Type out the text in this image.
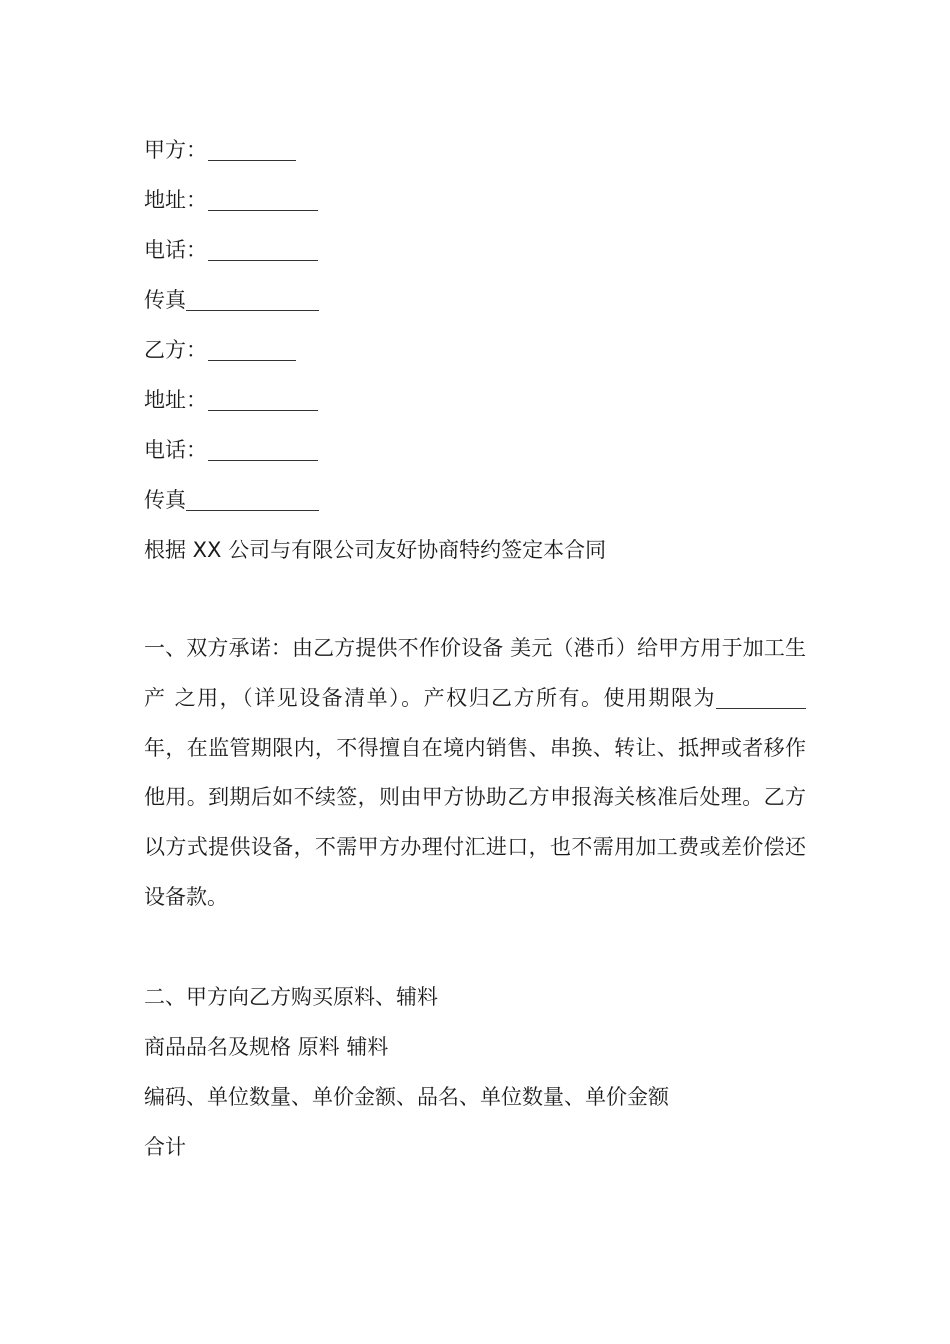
甲方：
地址：
电话：
传真
乙方：
地址：
电话：
传真
根据 XX 公司与有限公司友好协商特约签定本合同
一、双方承诺：由乙方提供不作价设备 美元（港币）给甲方用于加工生产 之用，（详见设备清单）。产权归乙方所有。使用期限为年，在监管期限内，不得擅自在境内销售、串换、转让、抵押或者移作他用。到期后如不续签，则由甲方协助乙方申报海关核准后处理。乙方以方式提供设备，不需甲方办理付汇进口，也不需用加工费或差价偿还设备款。
二、甲方向乙方购买原料、辅料
商品品名及规格 原料 辅料
编码、单位数量、单价金额、品名、单位数量、单价金额
合计
